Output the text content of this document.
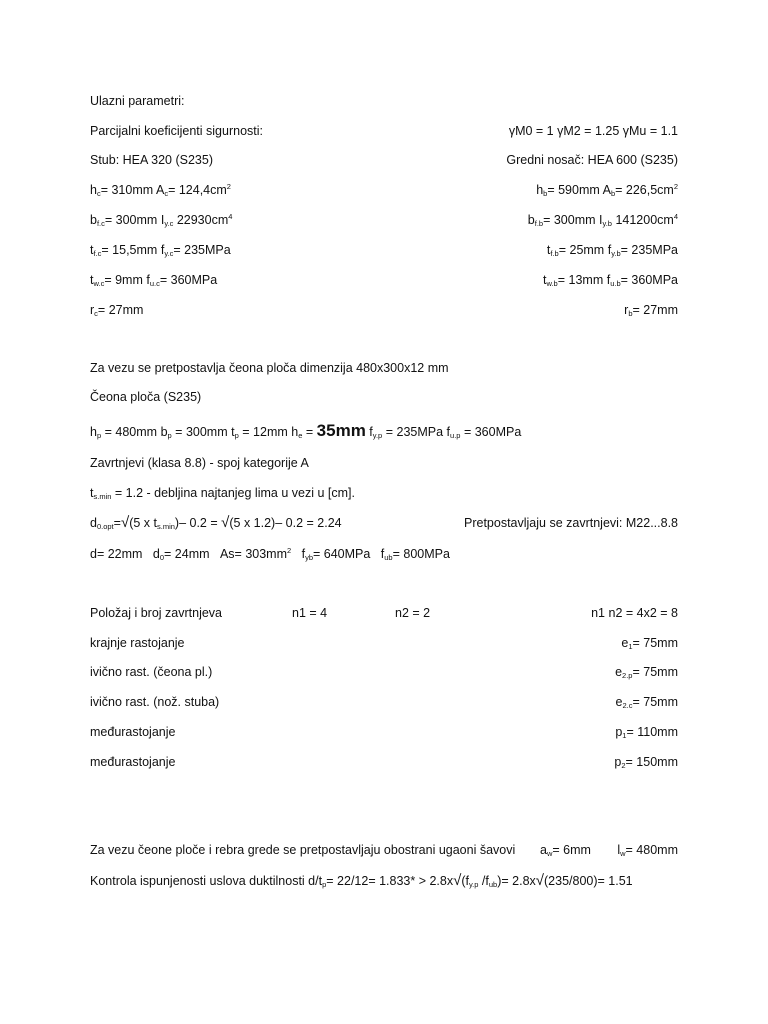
Ulazni parametri:
Parcijalni koeficijenti sigurnosti:	γM0 = 1 γM2 = 1.25 γMu = 1.1
Stub: HEA 320 (S235)	Gredni nosač: HEA 600 (S235)
$h_c= 310mm$ $A_c= 124,4cm^2$	$h_b= 590mm$ $A_b= 226,5cm^2$
$b_{f.c}= 300mm$ $I_{y.c}$ $22930cm^4$	$b_{f.b}= 300mm$ $I_{y.b}$ $141200cm^4$
$t_{f.c}= 15,5mm$ $f_{y.c}= 235MPa$	$t_{f.b}= 25mm$ $f_{y.b}= 235MPa$
$t_{w.c}= 9mm$ $f_{u.c}= 360MPa$	$t_{w.b}= 13mm$ $f_{u.b}= 360MPa$
$r_c= 27mm$	$r_b= 27mm$
Za vezu se pretpostavlja čeona ploča dimenzija 480x300x12 mm
Čeona ploča (S235)
$h_p = 480mm$ $b_p = 300mm$ $t_p = 12mm$ $h_e = 35mm$ $f_{y.p} = 235MPa$ $f_{u.p} = 360MPa$
Zavrtnjevi (klasa 8.8) - spoj kategorije A
$t_{s.min} = 1.2$ - debljina najtanjeg lima u vezi u [cm].
$d_{0.opt}=√(5$ x $t_{s.min})-$ 0.2 = √(5 x 1.2)– 0.2 = 2.24	Pretpostavljaju se zavrtnjevi: M22...8.8
d= 22mm $d_0= 24mm$ $As= 303mm^2$ $f_{yb}= 640MPa$ $f_{ub}= 800MPa$
Položaj i broj zavrtnjeva	n1 = 4	n2 = 2	n1 n2 = 4x2 = 8
krajnje rastojanje	$e_1= 75mm$
ivično rast. (čeona pl.)	$e_{2.p}= 75mm$
ivično rast. (nož. stuba)	$e_{2.c}= 75mm$
međurastojanje	$p_1= 110mm$
međurastojanje	$p_2= 150mm$
Za vezu čeone ploče i rebra grede se pretpostavljaju obostrani ugaoni šavovi $a_w= 6mm$ $l_w= 480mm$
Kontrola ispunjenosti uslova duktilnosti $d/t_p= 22/12= 1.833* > 2.8x√(f_{y.p}$ $/f_{ub})= 2.8x√(235/800)= 1.51$
